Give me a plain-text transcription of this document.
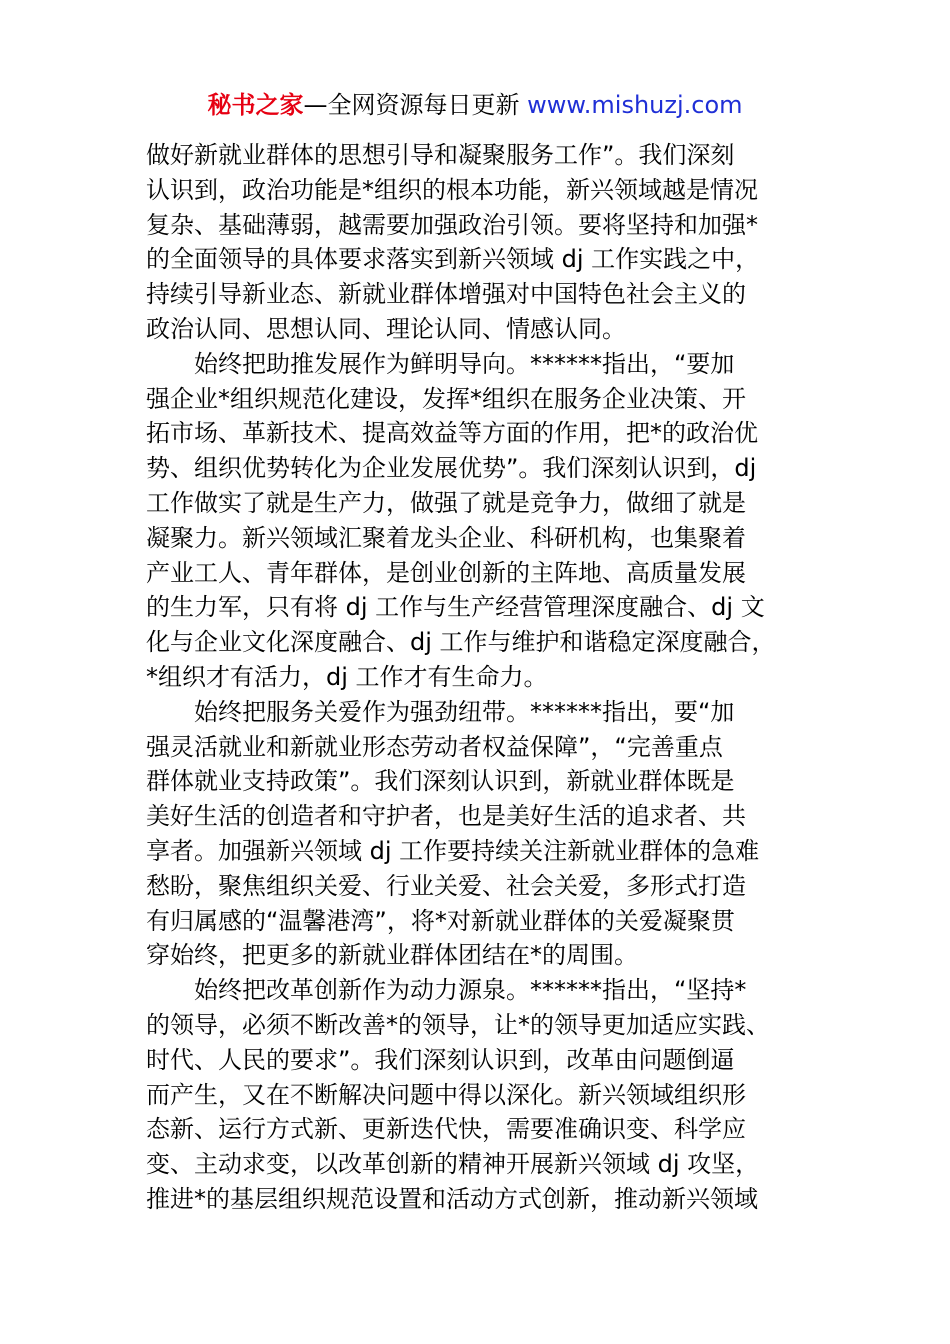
秘书之家—全网资源每日更新 www.mishuzj.com
做好新就业群体的思想引导和凝聚服务工作”。我们深刻
认识到，政治功能是*组织的根本功能，新兴领域越是情况
复杂、基础薄弱，越需要加强政治引领。要将坚持和加强*
的全面领导的具体要求落实到新兴领域 dj 工作实践之中，
持续引导新业态、新就业群体增强对中国特色社会主义的
政治认同、思想认同、理论认同、情感认同。
始终把助推发展作为鲜明导向。******指出，“要加
强企业*组织规范化建设，发挥*组织在服务企业决策、开
拓市场、革新技术、提高效益等方面的作用，把*的政治优
势、组织优势转化为企业发展优势”。我们深刻认识到，dj
工作做实了就是生产力，做强了就是竞争力，做细了就是
凝聚力。新兴领域汇聚着龙头企业、科研机构，也集聚着
产业工人、青年群体，是创业创新的主阵地、高质量发展
的生力军，只有将 dj 工作与生产经营管理深度融合、dj 文
化与企业文化深度融合、dj 工作与维护和谐稳定深度融合，
*组织才有活力，dj 工作才有生命力。
始终把服务关爱作为强劲纽带。******指出，要“加
强灵活就业和新就业形态劳动者权益保障”，“完善重点
群体就业支持政策”。我们深刻认识到，新就业群体既是
美好生活的创造者和守护者，也是美好生活的追求者、共
享者。加强新兴领域 dj 工作要持续关注新就业群体的急难
愁盼，聚焦组织关爱、行业关爱、社会关爱，多形式打造
有归属感的“温馨港湾”，将*对新就业群体的关爱凝聚贯
穿始终，把更多的新就业群体团结在*的周围。
始终把改革创新作为动力源泉。******指出，“坚持*
的领导，必须不断改善*的领导，让*的领导更加适应实践、
时代、人民的要求”。我们深刻认识到，改革由问题倒逼
而产生，又在不断解决问题中得以深化。新兴领域组织形
态新、运行方式新、更新迭代快，需要准确识变、科学应
变、主动求变，以改革创新的精神开展新兴领域 dj 攻坚，
推进*的基层组织规范设置和活动方式创新，推动新兴领域
